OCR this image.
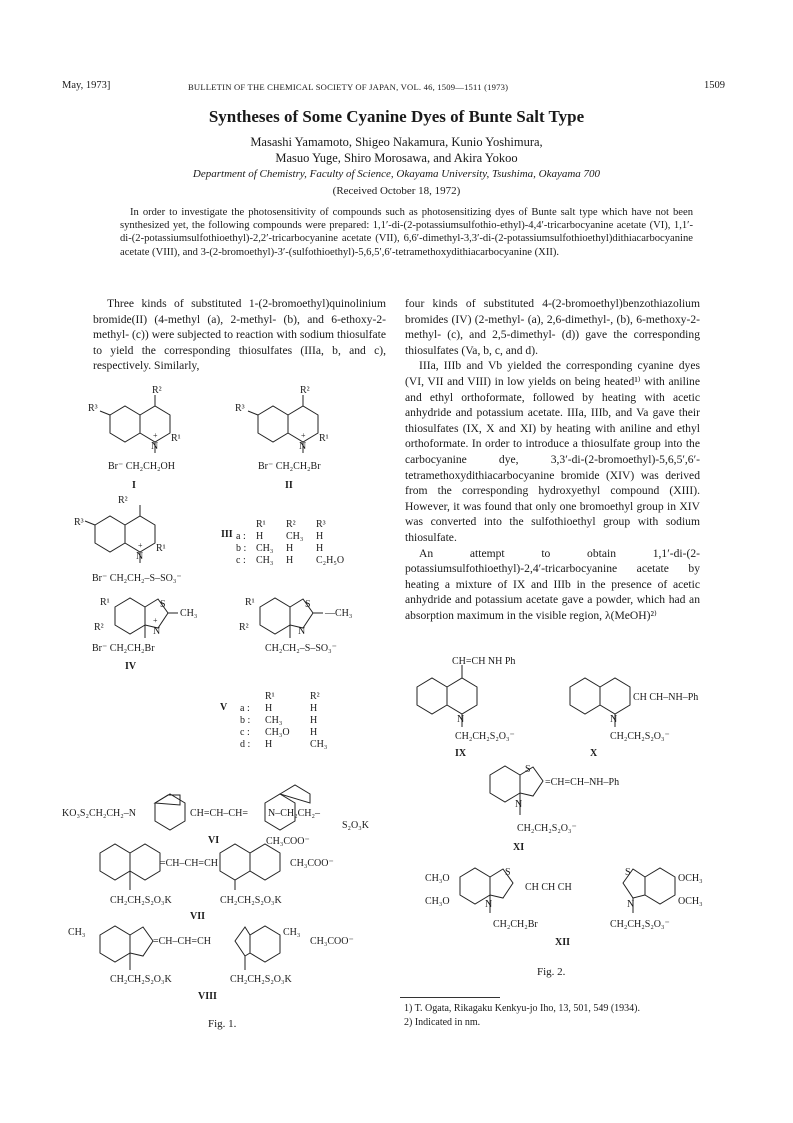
May, 1973]	BULLETIN OF THE CHEMICAL SOCIETY OF JAPAN, VOL. 46, 1509—1511 (1973)	1509
Syntheses of Some Cyanine Dyes of Bunte Salt Type
Masashi Yamamoto, Shigeo Nakamura, Kunio Yoshimura,
Masuo Yuge, Shiro Morosawa, and Akira Yokoo
Department of Chemistry, Faculty of Science, Okayama University, Tsushima, Okayama 700
(Received October 18, 1972)
In order to investigate the photosensitivity of compounds such as photosensitizing dyes of Bunte salt type which have not been synthesized yet, the following compounds were prepared: 1,1′-di-(2-potassiumsulfothio-ethyl)-4,4′-tricarbocyanine acetate (VI), 1,1′-di-(2-potassiumsulfothioethyl)-2,2′-tricarbocyanine acetate (VII), 6,6′-dimethyl-3,3′-di-(2-potassiumsulfothioethyl)dithiacarbocyanine acetate (VIII), and 3-(2-bromoethyl)-3′-(sulfothioethyl)-5,6,5′,6′-tetramethoxydithiacarbocyanine (XII).

Three kinds of substituted 1-(2-bromoethyl)quinolinium bromide(II) (4-methyl (a), 2-methyl- (b), and 6-ethoxy-2-methyl- (c)) were subjected to reaction with sodium thiosulfate to yield the corresponding thiosulfates (IIIa, b, and c), respectively. Similarly,

four kinds of substituted 4-(2-bromoethyl)benzothiazolium bromides (IV) (2-methyl- (a), 2,6-dimethyl-, (b), 6-methoxy-2-methyl- (c), and 2,5-dimethyl- (d)) gave the corresponding thiosulfates (Va, b, c, and d).

IIIa, IIIb and Vb yielded the corresponding cyanine dyes (VI, VII and VIII) in low yields on being heated¹⁾ with aniline and ethyl orthoformate, followed by heating with acetic anhydride and potassium acetate. IIIa, IIIb, and Va gave their thiosulfates (IX, X and XI) by heating with aniline and ethyl orthoformate. In order to introduce a thiosulfate group into the carbocyanine dye, 3,3′-di-(2-bromoethyl)-5,6,5′,6′-tetramethoxydithiacarbocyanine bromide (XIV) was derived from the corresponding hydroxyethyl compound (XIII). However, it was found that only one bromoethyl group in XIV was converted into the sulfothioethyl group with sodium thiosulfate.

An attempt to obtain 1,1′-di-(2-potassiumsulfothioethyl)-2,4′-tricarbocyanine acetate by heating a mixture of IX and IIIb in the presence of acetic anhydride and potassium acetate gave a powder, which had an absorption maximum in the visible region, λ(MeOH)²⁾

R²
R³
R¹
N
+
Br⁻ CH₂CH₂OH
I
R²
R³
R¹
N
+
Br⁻ CH₂CH₂Br
II
R²
R³
R¹
N
+
Br⁻ CH₂CH₂–S–SO₃⁻
III
R¹ R² R³
a : H CH₃ H
b : CH₃ H H
c : CH₃ H C₂H₅O
R¹
R²
S
N
+
CH₃
Br⁻ CH₂CH₂Br
IV
R¹
R²
S
N
—CH₃
CH₂CH₂–S–SO₃⁻
V
R¹	R²
a : H	H
b : CH₃	H
c : CH₃O H
d : H	CH₃
KO₃S₂CH₂CH₂–N	CH=CH–CH= N–CH₂CH₂–
S₂O₃K
CH₃COO⁻
VI
=CH–CH=CH	CH₃COO⁻
CH₂CH₂S₂O₃K	CH₂CH₂S₂O₃K
VII
CH₃
=CH–CH=CH
CH₃
CH₃COO⁻
CH₂CH₂S₂O₃K	CH₂CH₂S₂O₃K
VIII
Fig. 1.
CH=CH NH Ph
N
CH₂CH₂S₂O₃⁻
IX
N
CH CH–NH–Ph
CH₂CH₂S₂O₃⁻
X
S
N
=CH=CH–NH–Ph
CH₂CH₂S₂O₃⁻
XI
CH₃O
CH₃O
OCH₃
OCH₃
S	S
N	N
CH CH CH
CH₂CH₂Br	CH₂CH₂S₂O₃⁻
XII
Fig. 2.
1) T. Ogata, Rikagaku Kenkyu-jo Iho, 13, 501, 549 (1934).
2) Indicated in nm.
